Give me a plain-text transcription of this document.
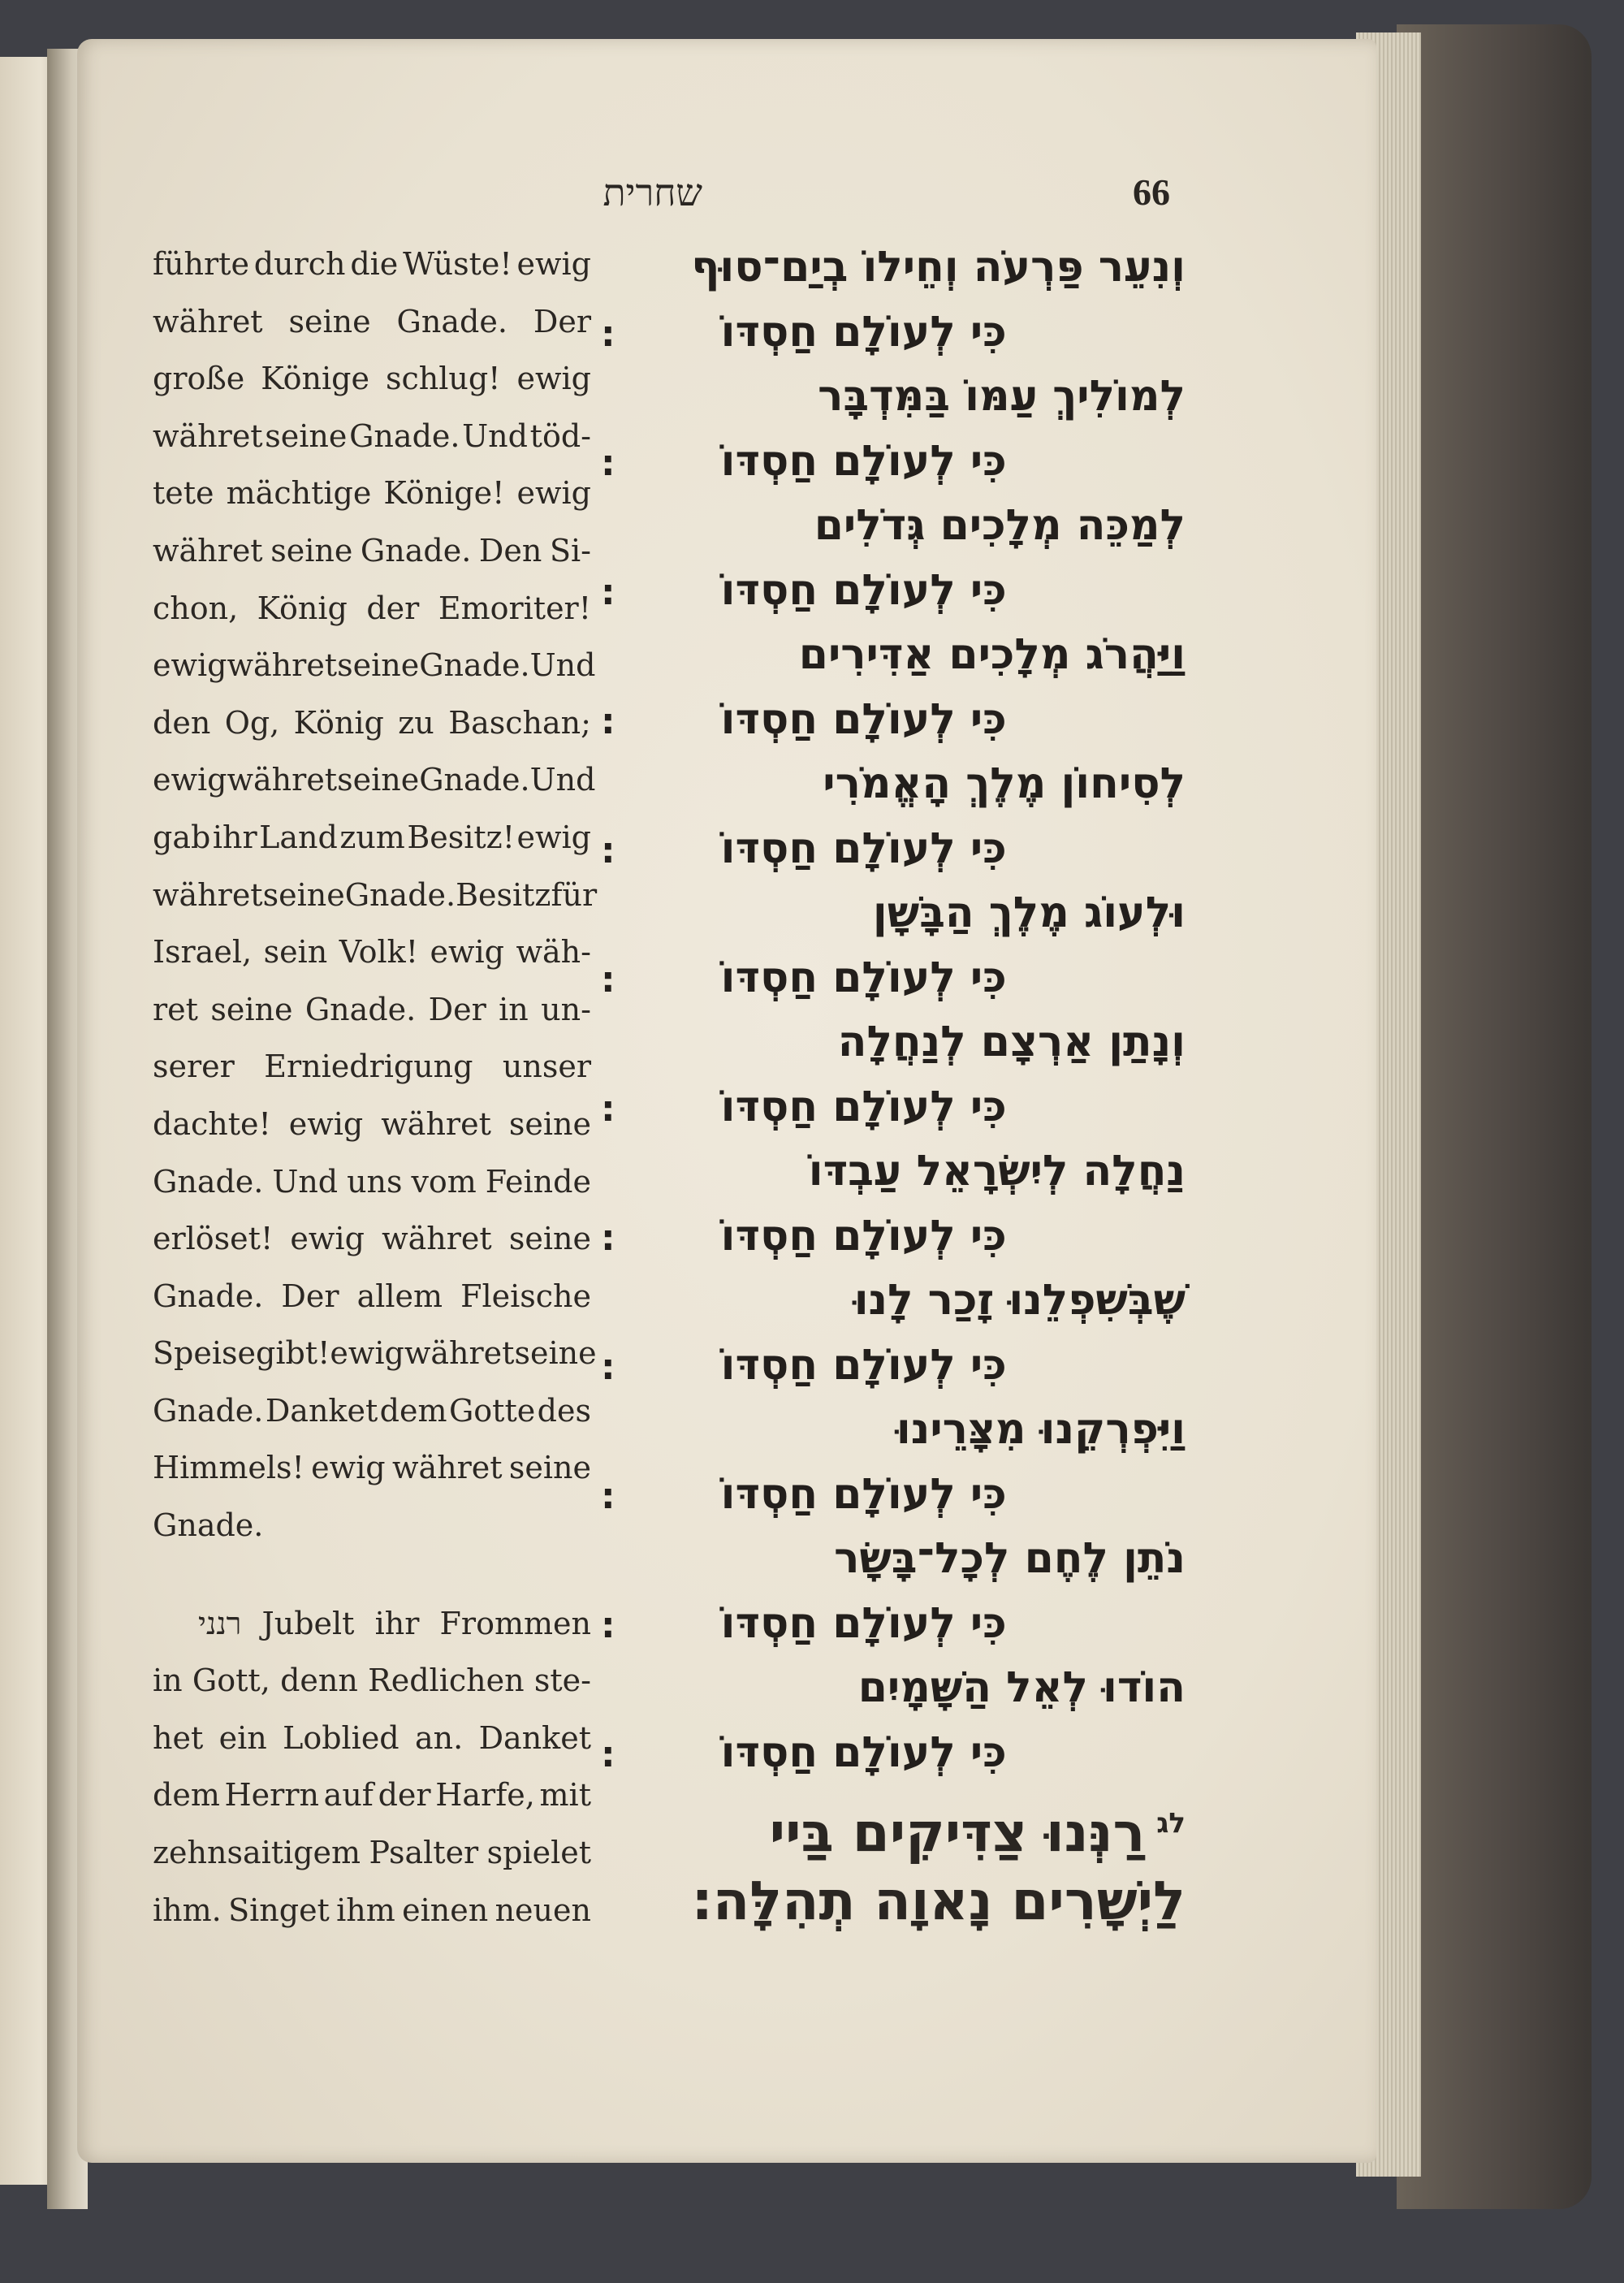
שחרית	66
führte durch die Wüste! ewig
währet seine Gnade. Der
große Könige schlug! ewig
währet seine Gnade. Und töd-
tete mächtige Könige! ewig
währet seine Gnade. Den Si-
chon, König der Emoriter!
ewig währet seine Gnade. Und
den Og, König zu Baschan;
ewig währet seine Gnade. Und
gab ihr Land zum Besitz! ewig
währet seine Gnade. Besitz für
Israel, sein Volk! ewig wäh-
ret seine Gnade. Der in un-
serer Erniedrigung unser
dachte! ewig währet seine
Gnade. Und uns vom Feinde
erlöset! ewig währet seine
Gnade. Der allem Fleische
Speise gibt! ewig währet seine
Gnade. Danket dem Gotte des
Himmels! ewig währet seine
Gnade.
רנני Jubelt ihr Frommen
in Gott, denn Redlichen ste-
het ein Loblied an. Danket
dem Herrn auf der Harfe, mit
zehnsaitigem Psalter spielet
ihm. Singet ihm einen neuen
וְנִעֵר פַּרְעֹה וְחֵילוֹ בְיַם־סוּף
:	כִּי לְעוֹלָם חַסְדּוֹ
לְמוֹלִיךְ עַמּוֹ בַּמִּדְבָּר
:	כִּי לְעוֹלָם חַסְדּוֹ
לְמַכֵּה מְלָכִים גְּדֹלִים
:	כִּי לְעוֹלָם חַסְדּוֹ
וַיַּהֲרֹג מְלָכִים אַדִּירִים
:	כִּי לְעוֹלָם חַסְדּוֹ
לְסִיחוֹן מֶלֶךְ הָאֱמֹרִי
:	כִּי לְעוֹלָם חַסְדּוֹ
וּלְעוֹג מֶלֶךְ הַבָּשָׁן
:	כִּי לְעוֹלָם חַסְדּוֹ
וְנָתַן אַרְצָם לְנַחֲלָה
:	כִּי לְעוֹלָם חַסְדּוֹ
נַחֲלָה לְיִשְׂרָאֵל עַבְדּוֹ
:	כִּי לְעוֹלָם חַסְדּוֹ
שֶׁבְּשִׁפְלֵנוּ זָכַר לָנוּ
:	כִּי לְעוֹלָם חַסְדּוֹ
וַיִּפְרְקֵנוּ מִצָּרֵינוּ
:	כִּי לְעוֹלָם חַסְדּוֹ
נֹתֵן לֶחֶם לְכָל־בָּשָׂר
:	כִּי לְעוֹלָם חַסְדּוֹ
הוֹדוּ לְאֵל הַשָּׁמָיִם
:	כִּי לְעוֹלָם חַסְדּוֹ
$^{לג}$רַנְּנוּ צַדִּיקִים בַּיי
לַיְשָׁרִים נָאוָה תְהִלָּה:
